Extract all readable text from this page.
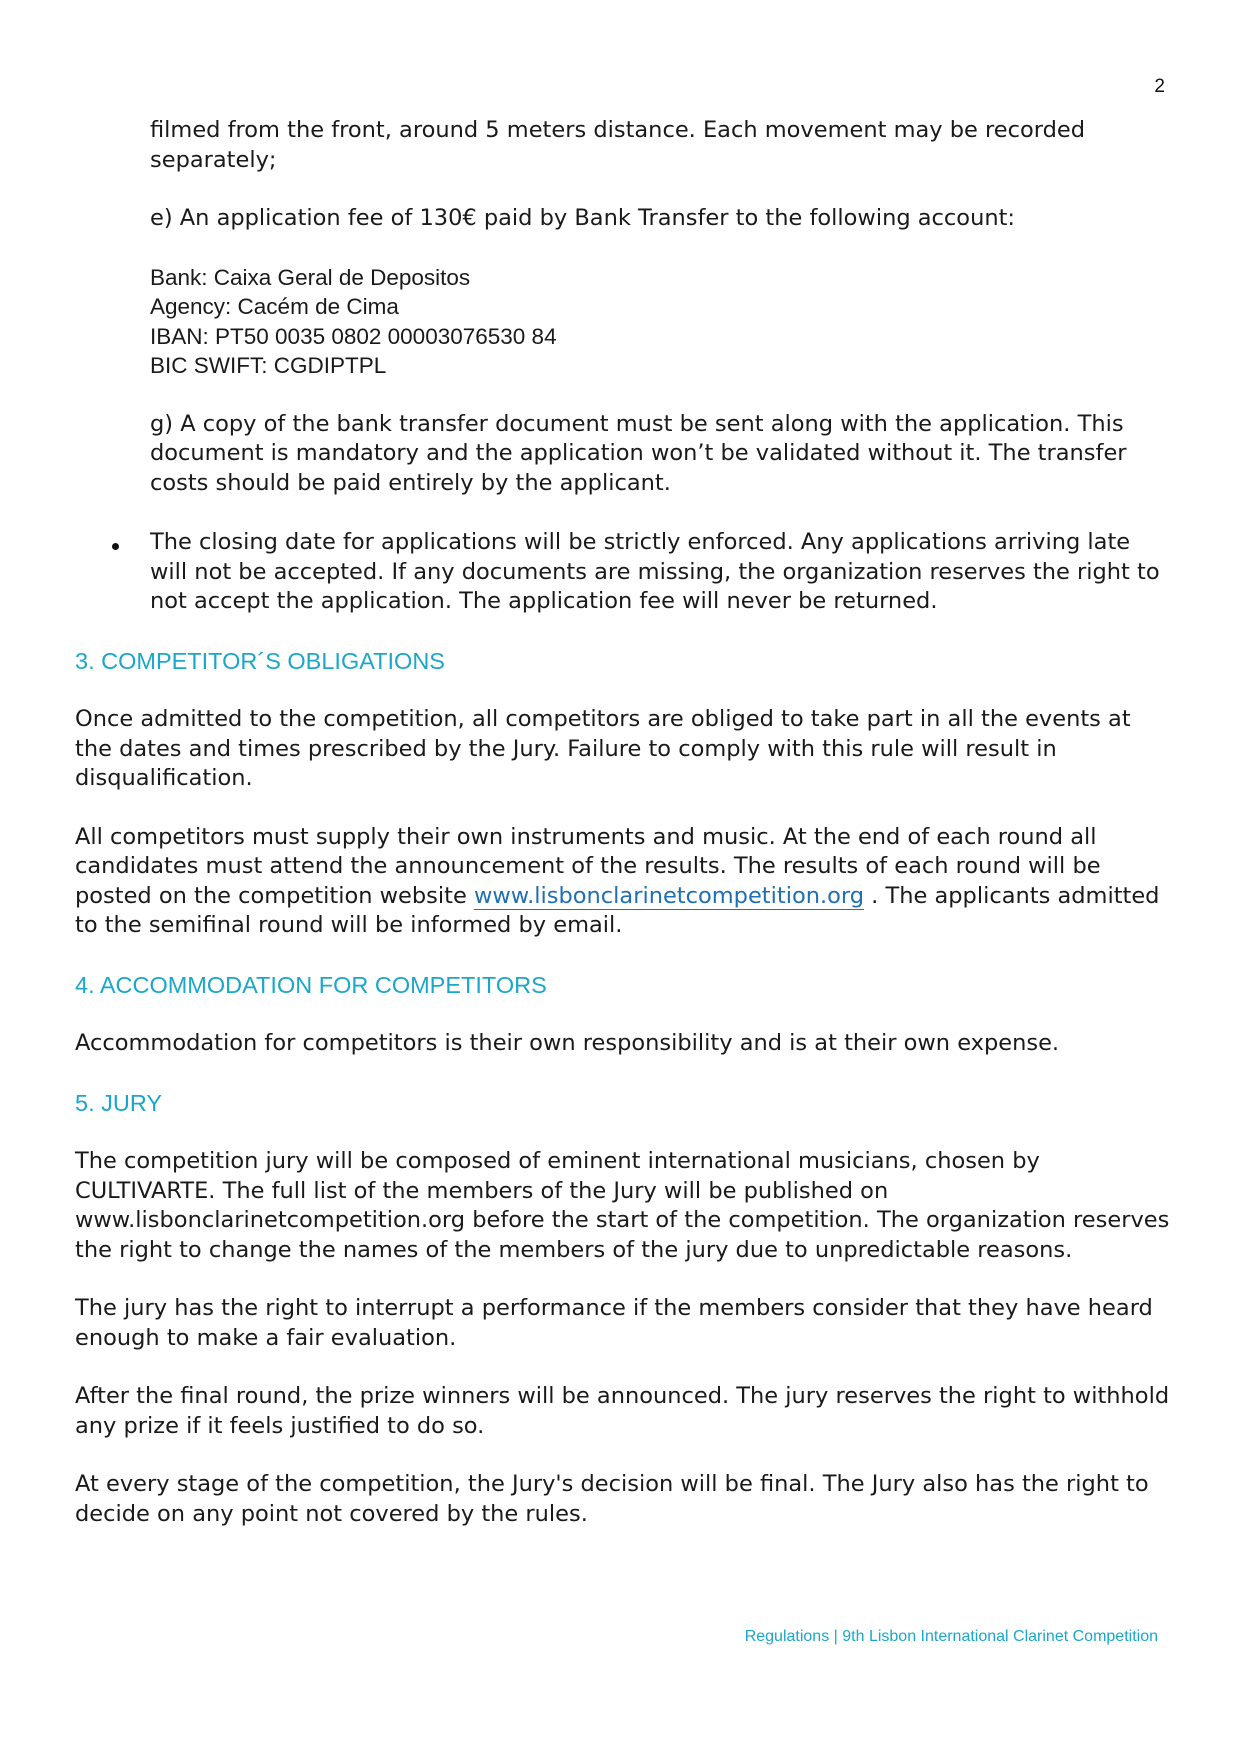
2

filmed from the front, around 5 meters distance. Each movement may be recorded separately;

e) An application fee of 130€ paid by Bank Transfer to the following account:

Bank: Caixa Geral de Depositos
Agency: Cacém de Cima
IBAN: PT50 0035 0802 00003076530 84
BIC SWIFT: CGDIPTPL

g) A copy of the bank transfer document must be sent along with the application. This document is mandatory and the application won’t be validated without it. The transfer costs should be paid entirely by the applicant.

The closing date for applications will be strictly enforced. Any applications arriving late will not be accepted. If any documents are missing, the organization reserves the right to not accept the application. The application fee will never be returned.

3. COMPETITOR´S OBLIGATIONS

Once admitted to the competition, all competitors are obliged to take part in all the events at the dates and times prescribed by the Jury. Failure to comply with this rule will result in disqualification.

All competitors must supply their own instruments and music. At the end of each round all candidates must attend the announcement of the results. The results of each round will be posted on the competition website www.lisbonclarinetcompetition.org . The applicants admitted to the semifinal round will be informed by email.

4. ACCOMMODATION FOR COMPETITORS

Accommodation for competitors is their own responsibility and is at their own expense.

5. JURY

The competition jury will be composed of eminent international musicians, chosen by CULTIVARTE. The full list of the members of the Jury will be published on www.lisbonclarinetcompetition.org before the start of the competition. The organization reserves the right to change the names of the members of the jury due to unpredictable reasons.

The jury has the right to interrupt a performance if the members consider that they have heard enough to make a fair evaluation.

After the final round, the prize winners will be announced. The jury reserves the right to withhold any prize if it feels justified to do so.

At every stage of the competition, the Jury's decision will be final. The Jury also has the right to decide on any point not covered by the rules.

Regulations | 9th Lisbon International Clarinet Competition
